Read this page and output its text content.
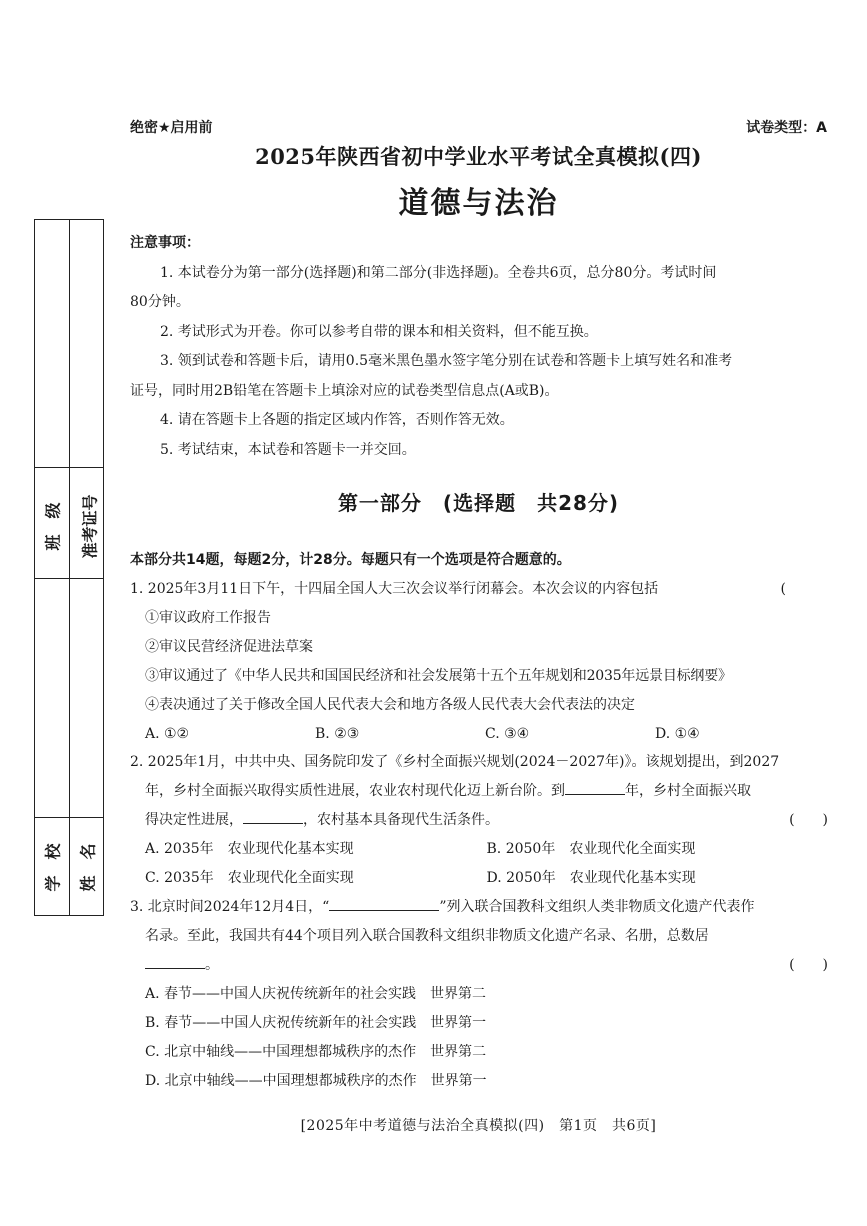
班　级 准考证号
学　校 姓　名
绝密★启用前	试卷类型：A
2025年陕西省初中学业水平考试全真模拟(四)
道德与法治
注意事项：
1. 本试卷分为第一部分(选择题)和第二部分(非选择题)。全卷共6页，总分80分。考试时间
80分钟。
2. 考试形式为开卷。你可以参考自带的课本和相关资料，但不能互换。
3. 领到试卷和答题卡后，请用0.5毫米黑色墨水签字笔分别在试卷和答题卡上填写姓名和准考
证号，同时用2B铅笔在答题卡上填涂对应的试卷类型信息点(A或B)。
4. 请在答题卡上各题的指定区域内作答，否则作答无效。
5. 考试结束，本试卷和答题卡一并交回。
第一部分　(选择题　共28分)
本部分共14题，每题2分，计28分。每题只有一个选项是符合题意的。
1. 2025年3月11日下午，十四届全国人大三次会议举行闭幕会。本次会议的内容包括	(
①审议政府工作报告
②审议民营经济促进法草案
③审议通过了《中华人民共和国国民经济和社会发展第十五个五年规划和2035年远景目标纲要》
④表决通过了关于修改全国人民代表大会和地方各级人民代表大会代表法的决定
A. ①②	B. ②③	C. ③④	D. ①④
2. 2025年1月，中共中央、国务院印发了《乡村全面振兴规划(2024－2027年)》。该规划提出，到2027
年，乡村全面振兴取得实质性进展，农业农村现代化迈上新台阶。到	年，乡村全面振兴取
得决定性进展，	，农村基本具备现代生活条件。	(　　)
A. 2035年　农业现代化基本实现	B. 2050年　农业现代化全面实现
C. 2035年　农业现代化全面实现	D. 2050年　农业现代化基本实现
3. 北京时间2024年12月4日，“	”列入联合国教科文组织人类非物质文化遗产代表作
名录。至此，我国共有44个项目列入联合国教科文组织非物质文化遗产名录、名册，总数居
。	(　　)
A. 春节——中国人庆祝传统新年的社会实践　世界第二
B. 春节——中国人庆祝传统新年的社会实践　世界第一
C. 北京中轴线——中国理想都城秩序的杰作　世界第二
D. 北京中轴线——中国理想都城秩序的杰作　世界第一
[2025年中考道德与法治全真模拟(四)　第1页　共6页]
